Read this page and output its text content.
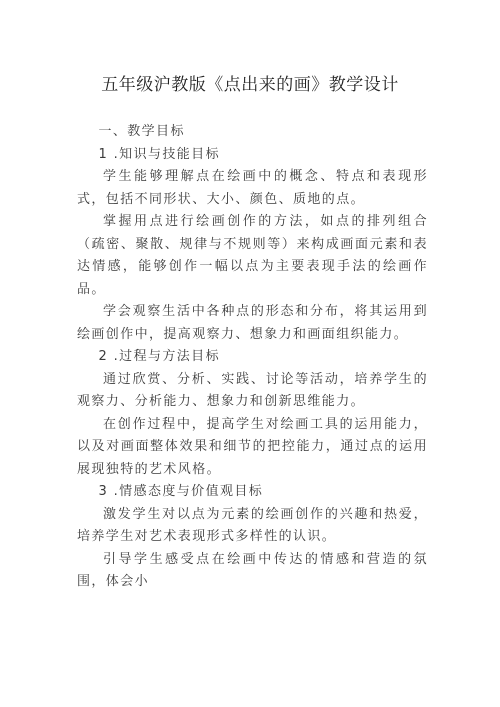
五年级沪教版《点出来的画》教学设计

一、教学目标

1 .知识与技能目标

学生能够理解点在绘画中的概念、特点和表现形式，包括不同形状、大小、颜色、质地的点。

掌握用点进行绘画创作的方法，如点的排列组合（疏密、聚散、规律与不规则等）来构成画面元素和表达情感，能够创作一幅以点为主要表现手法的绘画作品。

学会观察生活中各种点的形态和分布，将其运用到绘画创作中，提高观察力、想象力和画面组织能力。

2 .过程与方法目标

通过欣赏、分析、实践、讨论等活动，培养学生的观察力、分析能力、想象力和创新思维能力。

在创作过程中，提高学生对绘画工具的运用能力，以及对画面整体效果和细节的把控能力，通过点的运用展现独特的艺术风格。

3 .情感态度与价值观目标

激发学生对以点为元素的绘画创作的兴趣和热爱，培养学生对艺术表现形式多样性的认识。

引导学生感受点在绘画中传达的情感和营造的氛围，体会小
